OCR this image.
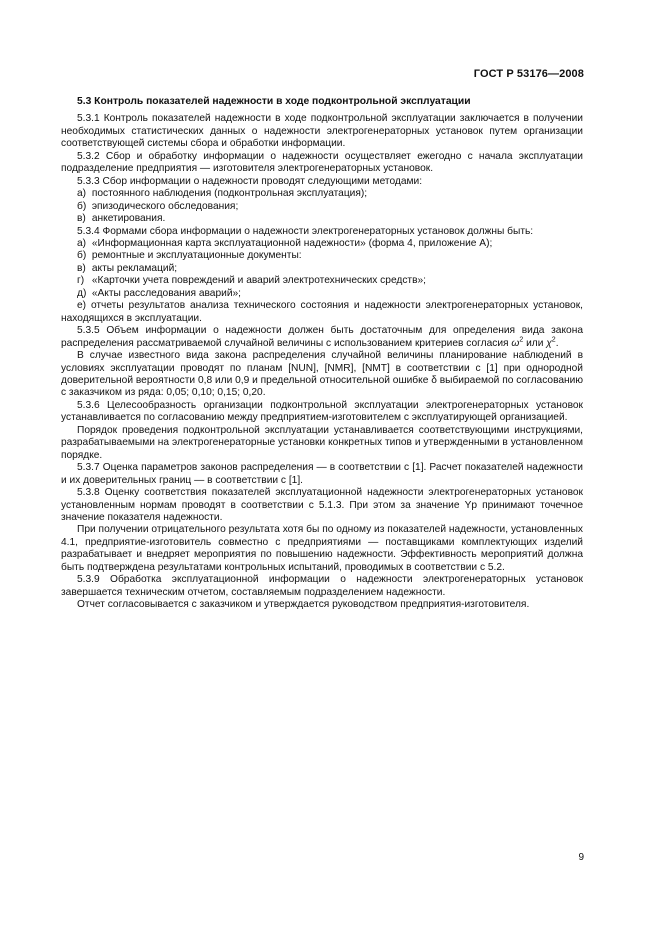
ГОСТ Р 53176—2008
5.3 Контроль показателей надежности в ходе подконтрольной эксплуатации

5.3.1 Контроль показателей надежности в ходе подконтрольной эксплуатации заключается в получении необходимых статистических данных о надежности электрогенераторных установок путем организации соответствующей системы сбора и обработки информации.

5.3.2 Сбор и обработку информации о надежности осуществляет ежегодно с начала эксплуатации подразделение предприятия — изготовителя электрогенераторных установок.

5.3.3 Сбор информации о надежности проводят следующими методами:

а) постоянного наблюдения (подконтрольная эксплуатация);

б) эпизодического обследования;

в) анкетирования.

5.3.4 Формами сбора информации о надежности электрогенераторных установок должны быть:

а) «Информационная карта эксплуатационной надежности» (форма 4, приложение А);

б) ремонтные и эксплуатационные документы:

в) акты рекламаций;

г) «Карточки учета повреждений и аварий электротехнических средств»;

д) «Акты расследования аварий»;

е) отчеты результатов анализа технического состояния и надежности электрогенераторных установок, находящихся в эксплуатации.

5.3.5 Объем информации о надежности должен быть достаточным для определения вида закона распределения рассматриваемой случайной величины с использованием критериев согласия $\omega^2$ или $\chi^2$.

В случае известного вида закона распределения случайной величины планирование наблюдений в условиях эксплуатации проводят по планам [NUN], [NMR], [NMT] в соответствии с [1] при однородной доверительной вероятности 0,8 или 0,9 и предельной относительной ошибке δ выбираемой по согласованию с заказчиком из ряда: 0,05; 0,10; 0,15; 0,20.

5.3.6 Целесообразность организации подконтрольной эксплуатации электрогенераторных установок устанавливается по согласованию между предприятием-изготовителем с эксплуатирующей организацией.

Порядок проведения подконтрольной эксплуатации устанавливается соответствующими инструкциями, разрабатываемыми на электрогенераторные установки конкретных типов и утвержденными в установленном порядке.

5.3.7 Оценка параметров законов распределения — в соответствии с [1]. Расчет показателей надежности и их доверительных границ — в соответствии с [1].

5.3.8 Оценку соответствия показателей эксплуатационной надежности электрогенераторных установок установленным нормам проводят в соответствии с 5.1.3. При этом за значение Υр принимают точечное значение показателя надежности.

При получении отрицательного результата хотя бы по одному из показателей надежности, установленных 4.1, предприятие-изготовитель совместно с предприятиями — поставщиками комплектующих изделий разрабатывает и внедряет мероприятия по повышению надежности. Эффективность мероприятий должна быть подтверждена результатами контрольных испытаний, проводимых в соответствии с 5.2.

5.3.9 Обработка эксплуатационной информации о надежности электрогенераторных установок завершается техническим отчетом, составляемым подразделением надежности.

Отчет согласовывается с заказчиком и утверждается руководством предприятия-изготовителя.

9
